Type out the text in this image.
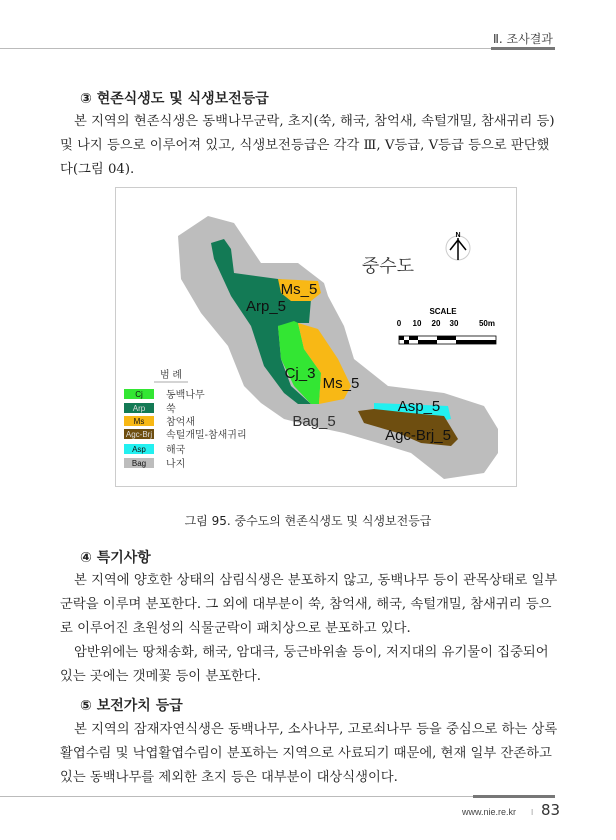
Ⅱ. 조사결과
③ 현존식생도 및 식생보전등급
본 지역의 현존식생은 동백나무군락, 초지(쑥, 해국, 참억새, 속털개밀, 참새귀리 등)
및 나지 등으로 이루어져 있고, 식생보전등급은 각각 Ⅲ, Ⅴ등급, Ⅴ등급 등으로 판단했
다(그림 04).
Ms_5
Arp_5
Cj_3
Ms_5
Bag_5
Asp_5
Agc-Brj_5
중수도
N
SCALE
0 10 20 30	50m
범 례
Cj 동백나무
Arp 쑥
Ms 참억새
Agc-Brj 속털개밀-참새귀리
Asp 해국
Bag 나지
그림 95. 중수도의 현존식생도 및 식생보전등급
④ 특기사항
본 지역에 양호한 상태의 삼림식생은 분포하지 않고, 동백나무 등이 관목상태로 일부
군락을 이루며 분포한다. 그 외에 대부분이 쑥, 참억새, 해국, 속털개밀, 참새귀리 등으
로 이루어진 초원성의 식물군락이 패치상으로 분포하고 있다.
암반위에는 땅채송화, 해국, 암대극, 둥근바위솔 등이, 저지대의 유기물이 집중되어
있는 곳에는 갯메꽃 등이 분포한다.
⑤ 보전가치 등급
본 지역의 잠재자연식생은 동백나무, 소사나무, 고로쇠나무 등을 중심으로 하는 상록
활엽수림 및 낙엽활엽수림이 분포하는 지역으로 사료되기 때문에, 현재 일부 잔존하고
있는 동백나무를 제외한 초지 등은 대부분이 대상식생이다.
www.nie.re.kr I 83
